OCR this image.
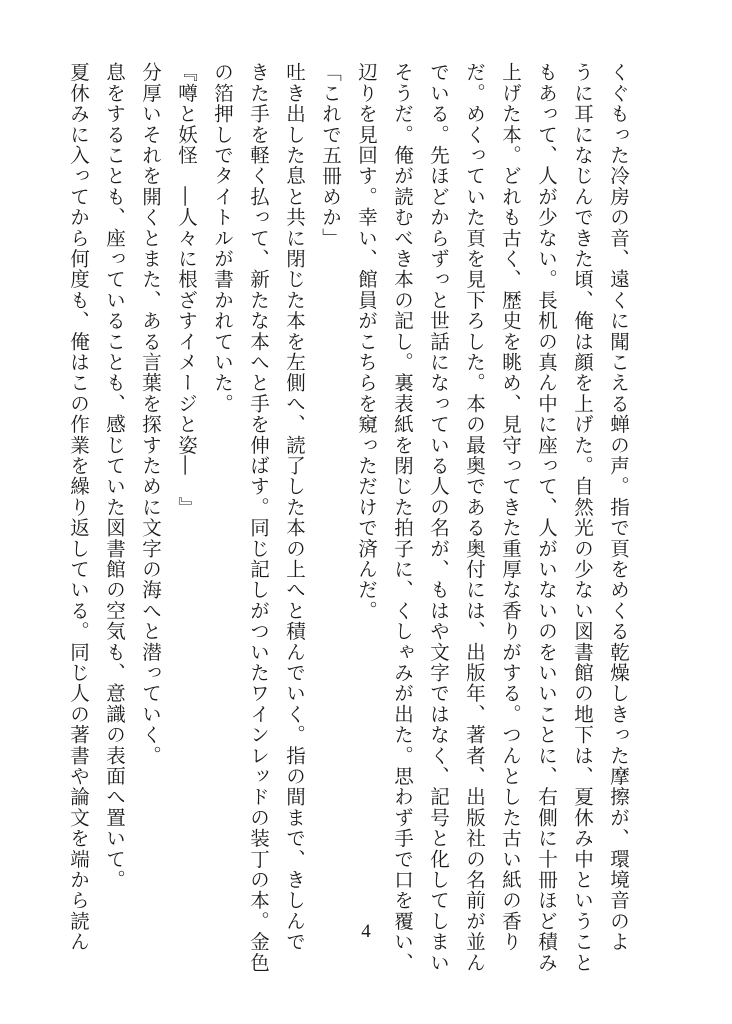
くぐもった冷房の音、遠くに聞こえる蝉の声。指で頁をめくる乾燥しきった摩擦が、環境音のよ
うに耳になじんできた頃、俺は顔を上げた。自然光の少ない図書館の地下は、夏休み中ということ
もあって、人が少ない。長机の真ん中に座って、人がいないのをいいことに、右側に十冊ほど積み
上げた本。どれも古く、歴史を眺め、見守ってきた重厚な香りがする。つんとした古い紙の香り
だ。めくっていた頁を見下ろした。本の最奥である奥付には、出版年、著者、出版社の名前が並ん
でいる。先ほどからずっと世話になっている人の名が、もはや文字ではなく、記号と化してしまい
そうだ。俺が読むべき本の記し。裏表紙を閉じた拍子に、くしゃみが出た。思わず手で口を覆い、
辺りを見回す。幸い、館員がこちらを窺っただけで済んだ。
「これで五冊めか」
吐き出した息と共に閉じた本を左側へ、読了した本の上へと積んでいく。指の間まで、きしんで
きた手を軽く払って、新たな本へと手を伸ばす。同じ記しがついたワインレッドの装丁の本。金色
の箔押しでタイトルが書かれていた。
『噂と妖怪　―人々に根ざすイメージと姿―　』
分厚いそれを開くとまた、ある言葉を探すために文字の海へと潜っていく。
息をすることも、座っていることも、感じていた図書館の空気も、意識の表面へ置いて。
夏休みに入ってから何度も、俺はこの作業を繰り返している。同じ人の著書や論文を端から読ん	4
